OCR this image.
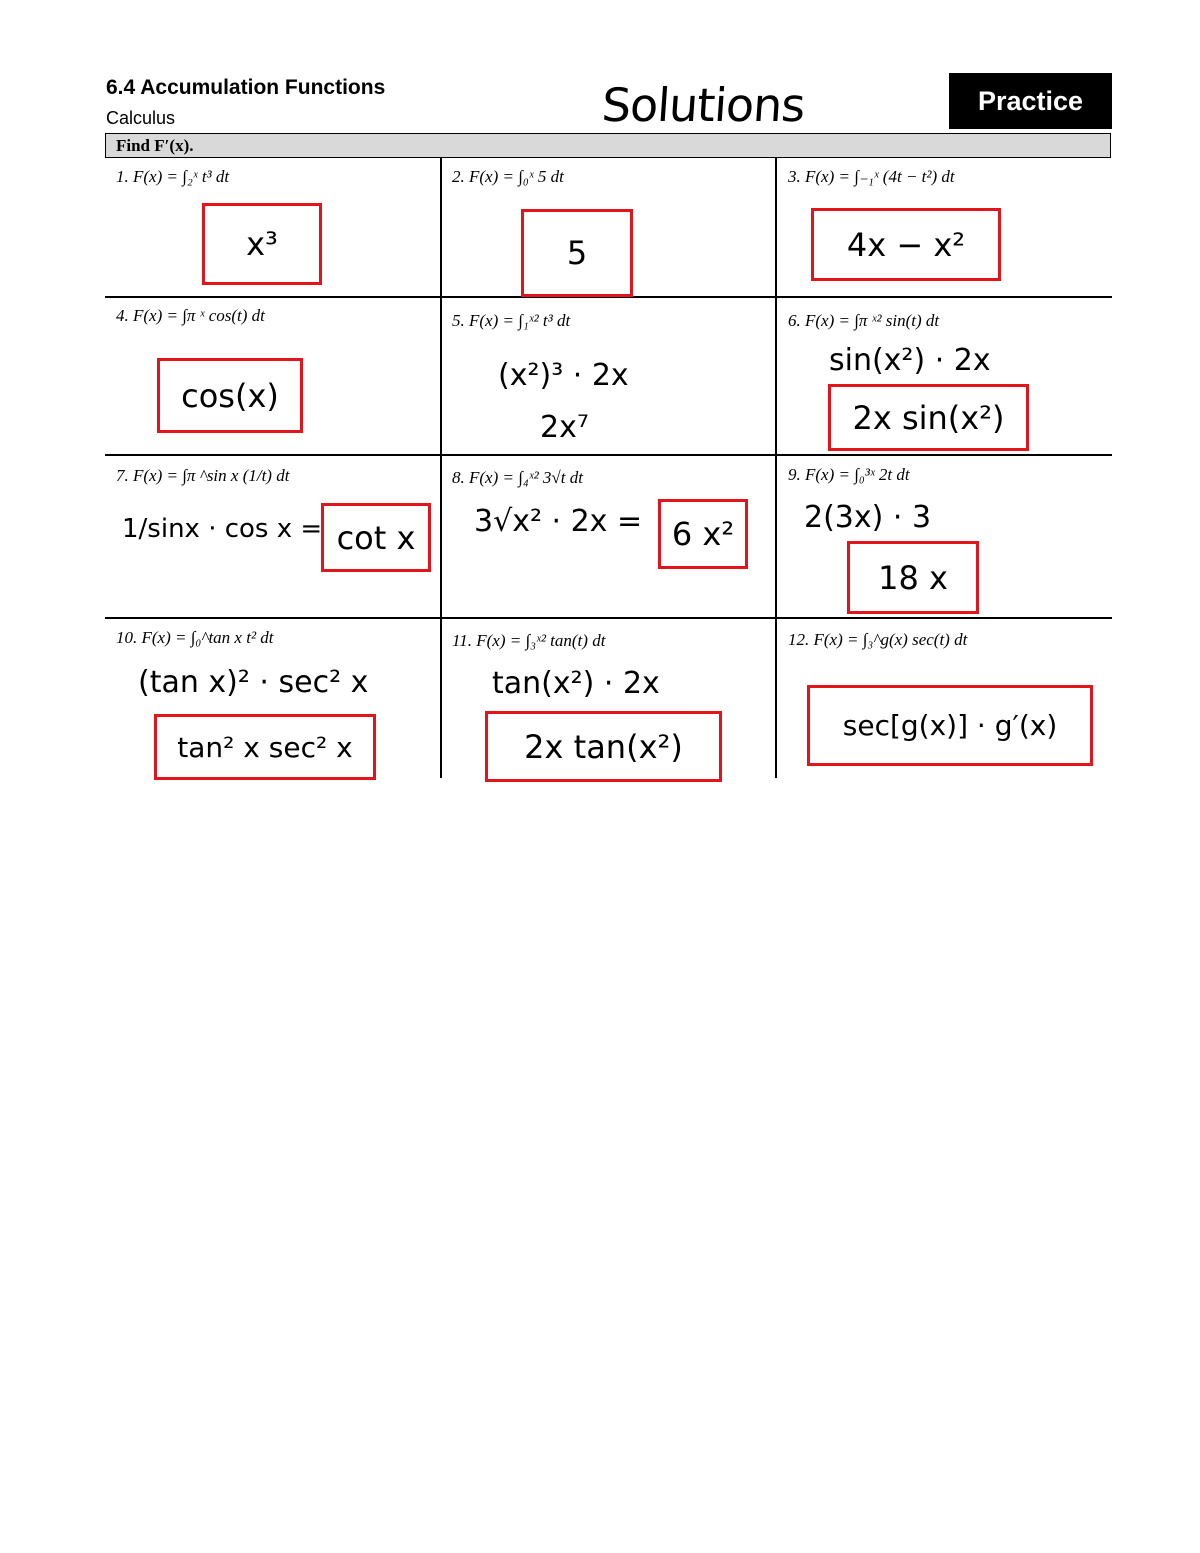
6.4 Accumulation Functions
Calculus	Solutions	Practice
Find F′(x).
1. F(x) = ∫₂ˣ t³ dt
x³
2. F(x) = ∫₀ˣ 5 dt
5
3. F(x) = ∫₋₁ˣ (4t − t²) dt
4x − x²
4. F(x) = ∫π ˣ cos(t) dt
cos(x)
5. F(x) = ∫₁ˣ² t³ dt
(x²)³ · 2x
2x⁷
6. F(x) = ∫π ˣ² sin(t) dt
sin(x²) · 2x
2x sin(x²)
7. F(x) = ∫π ^sin x (1/t) dt
1/sinx · cos x = cot x
8. F(x) = ∫₄ˣ² 3√t dt
3√x² · 2x = 6 x²
9. F(x) = ∫₀³ˣ 2t dt
2(3x) · 3
18 x
10. F(x) = ∫₀^tan x t² dt
(tan x)² · sec² x
tan² x sec² x
11. F(x) = ∫₃ˣ² tan(t) dt
tan(x²) · 2x
2x tan(x²)
12. F(x) = ∫₃^g(x) sec(t) dt
sec[g(x)] · g′(x)
